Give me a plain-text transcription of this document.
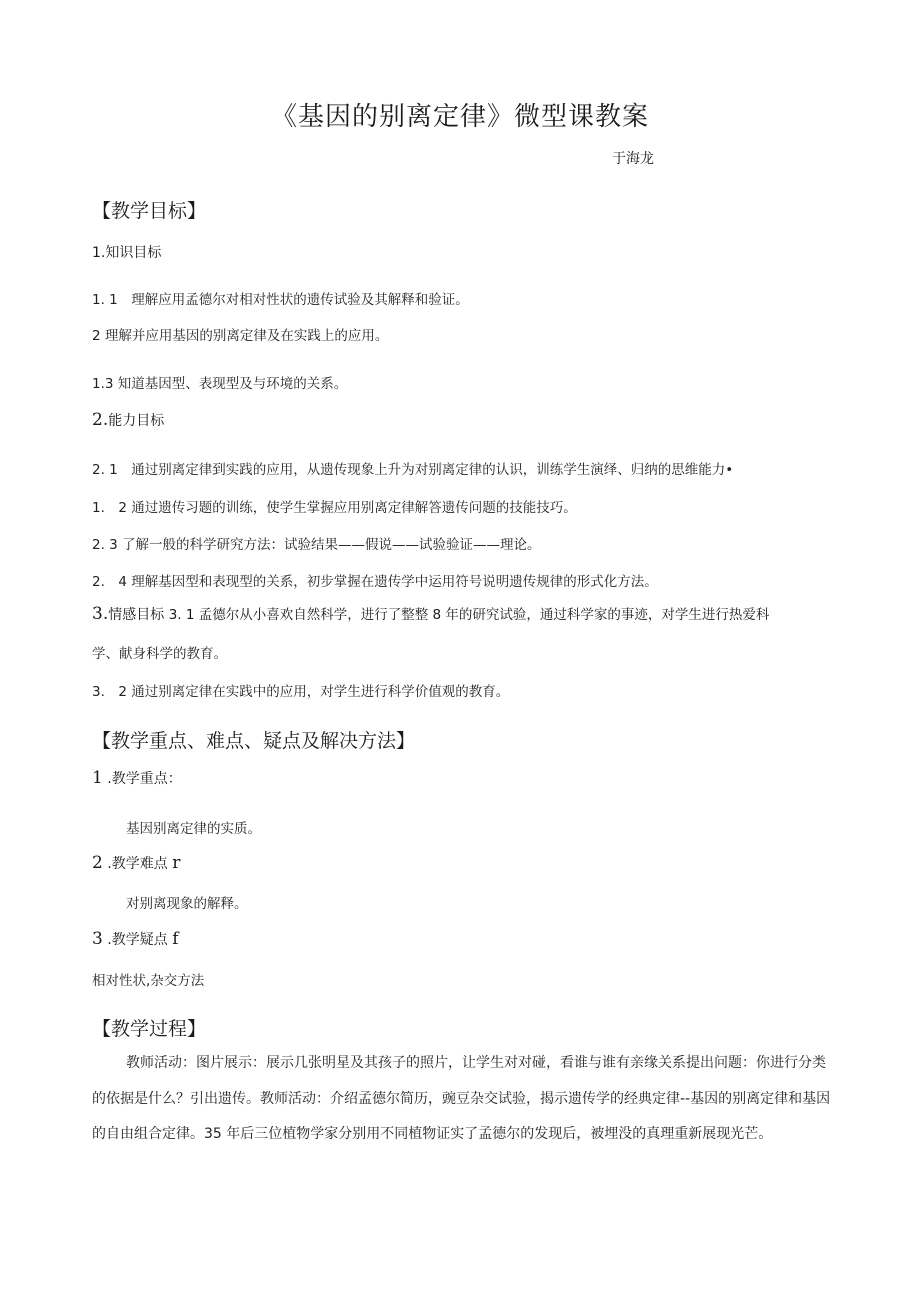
《基因的别离定律》微型课教案
于海龙
【教学目标】
1.知识目标
1. 1　理解应用孟德尔对相对性状的遗传试验及其解释和验证。
2 理解并应用基因的别离定律及在实践上的应用。
1.3 知道基因型、表现型及与环境的关系。
2.能力目标
2. 1　通过别离定律到实践的应用，从遗传现象上升为对别离定律的认识，训练学生演绎、归纳的思维能力•
1.　2 通过遗传习题的训练，使学生掌握应用别离定律解答遗传问题的技能技巧。
2. 3 了解一般的科学研究方法：试验结果——假说——试验验证——理论。
2.　4 理解基因型和表现型的关系，初步掌握在遗传学中运用符号说明遗传规律的形式化方法。
3.情感目标 3. 1 孟德尔从小喜欢自然科学，进行了整整 8 年的研究试验，通过科学家的事迹，对学生进行热爱科
学、献身科学的教育。
3.　2 通过别离定律在实践中的应用，对学生进行科学价值观的教育。
【教学重点、难点、疑点及解决方法】
1 .教学重点：
基因别离定律的实质。
2 .教学难点 r
对别离现象的解释。
3 .教学疑点 f
相对性状,杂交方法
【教学过程】
教师活动：图片展示：展示几张明星及其孩子的照片，让学生对对碰，看谁与谁有亲缘关系提出问题：你进行分类的依据是什么？引出遗传。教师活动：介绍孟德尔简历，豌豆杂交试验，揭示遗传学的经典定律--基因的别离定律和基因的自由组合定律。35 年后三位植物学家分别用不同植物证实了孟德尔的发现后，被埋没的真理重新展现光芒。
